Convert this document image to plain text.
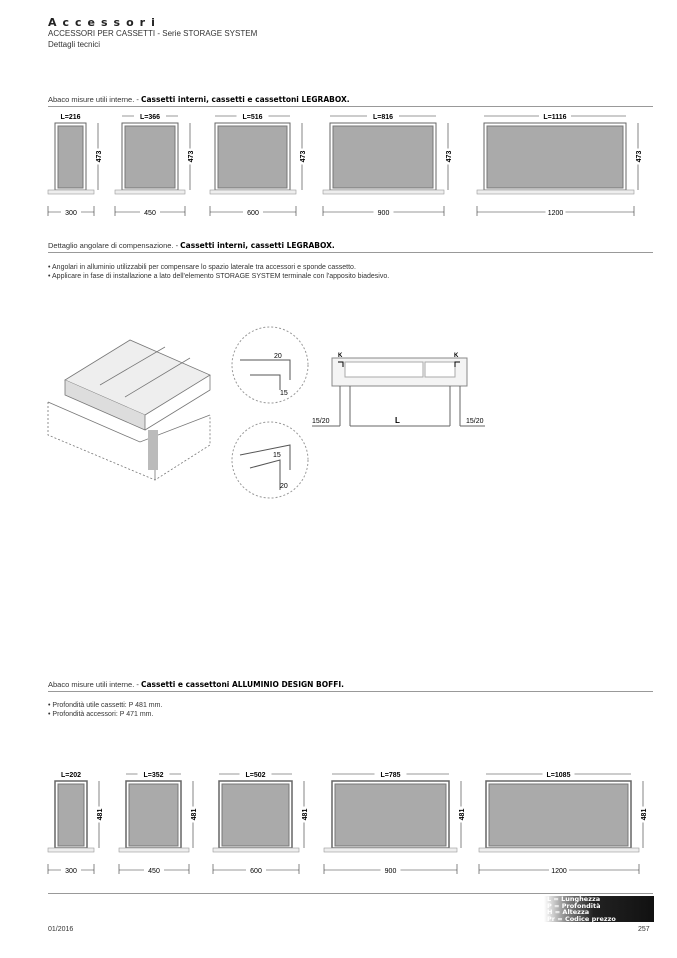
Accessori
ACCESSORI PER CASSETTI - Serie STORAGE SYSTEM
Dettagli tecnici
Abaco misure utili interne. - Cassetti interni, cassetti e cassettoni LEGRABOX.
L=216
473
300
L=366
473
450
L=516
473
600
L=816
473
900
L=1116
473
1200
Dettaglio angolare di compensazione. - Cassetti interni, cassetti LEGRABOX.
• Angolari in alluminio utilizzabili per compensare lo spazio laterale tra accessori e sponde cassetto.
• Applicare in fase di installazione a lato dell'elemento STORAGE SYSTEM terminale con l'apposito biadesivo.
20
15
15
20
K	K
15/20	L	15/20
Abaco misure utili interne. - Cassetti e cassettoni ALLUMINIO DESIGN BOFFI.
• Profondità utile cassetti: P 481 mm.
• Profondità accessori: P 471 mm.
L=202
481
300
L=352
481
450
L=502
481
600
L=785
481
900
L=1085
481
1200
L = Lunghezza
P = Profondità
H = Altezza
Pr = Codice prezzo
01/2016	257
